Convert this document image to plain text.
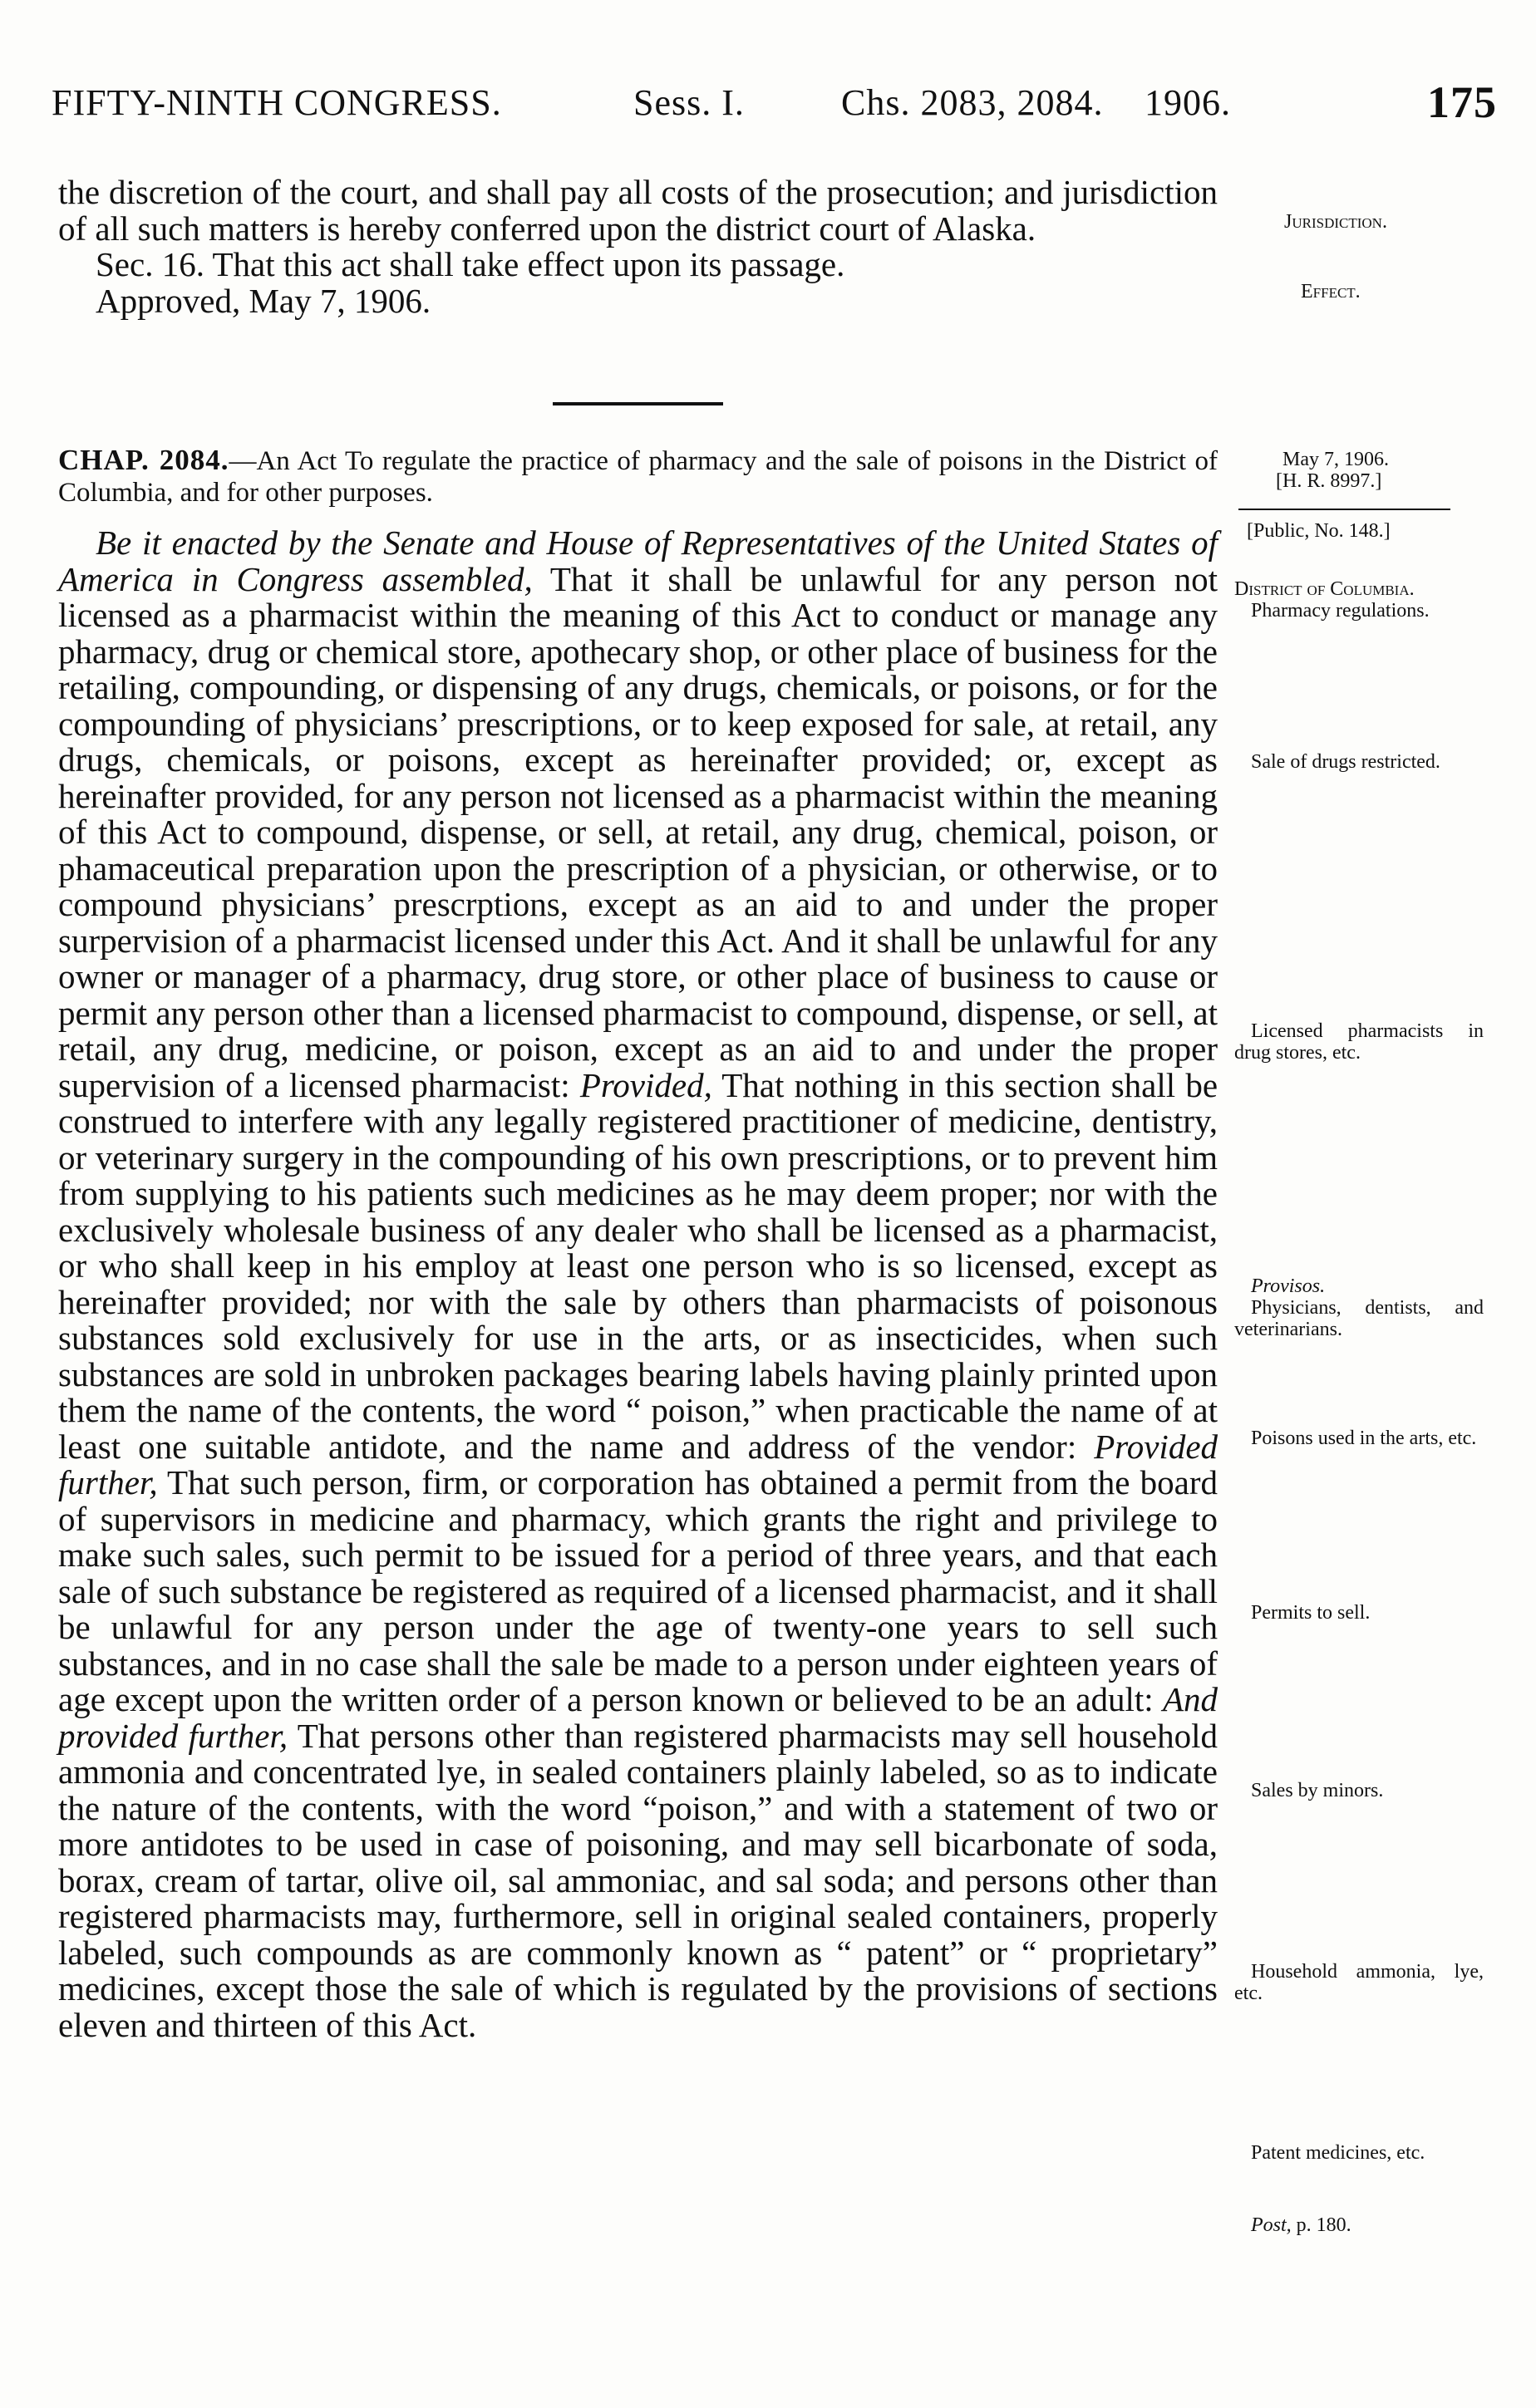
FIFTY-NINTH CONGRESS.	Sess. I.	Chs. 2083, 2084. 1906.	175

the discretion of the court, and shall pay all costs of the prosecution; and jurisdiction of all such matters is hereby conferred upon the district court of Alaska.

Sec. 16. That this act shall take effect upon its passage.

Approved, May 7, 1906.

CHAP. 2084.—An Act To regulate the practice of pharmacy and the sale of poisons in the District of Columbia, and for other purposes.

Be it enacted by the Senate and House of Representatives of the United States of America in Congress assembled, That it shall be unlawful for any person not licensed as a pharmacist within the meaning of this Act to conduct or manage any pharmacy, drug or chemical store, apothecary shop, or other place of business for the retailing, compounding, or dispensing of any drugs, chemicals, or poisons, or for the compounding of physicians’ prescriptions, or to keep exposed for sale, at retail, any drugs, chemicals, or poisons, except as hereinafter provided; or, except as hereinafter provided, for any person not licensed as a pharmacist within the meaning of this Act to compound, dispense, or sell, at retail, any drug, chemical, poison, or phamaceutical preparation upon the prescription of a physician, or otherwise, or to compound physicians’ prescrptions, except as an aid to and under the proper surpervision of a pharmacist licensed under this Act. And it shall be unlawful for any owner or manager of a pharmacy, drug store, or other place of business to cause or permit any person other than a licensed pharmacist to compound, dispense, or sell, at retail, any drug, medicine, or poison, except as an aid to and under the proper supervision of a licensed pharmacist: Provided, That nothing in this section shall be construed to interfere with any legally registered practitioner of medicine, dentistry, or veterinary surgery in the compounding of his own prescriptions, or to prevent him from supplying to his patients such medicines as he may deem proper; nor with the exclusively wholesale business of any dealer who shall be licensed as a pharmacist, or who shall keep in his employ at least one person who is so licensed, except as hereinafter provided; nor with the sale by others than pharmacists of poisonous substances sold exclusively for use in the arts, or as insecticides, when such substances are sold in unbroken packages bearing labels having plainly printed upon them the name of the contents, the word “ poison,” when practicable the name of at least one suitable antidote, and the name and address of the vendor: Provided further, That such person, firm, or corporation has obtained a permit from the board of supervisors in medicine and pharmacy, which grants the right and privilege to make such sales, such permit to be issued for a period of three years, and that each sale of such substance be registered as required of a licensed pharmacist, and it shall be unlawful for any person under the age of twenty-one years to sell such substances, and in no case shall the sale be made to a person under eighteen years of age except upon the written order of a person known or believed to be an adult: And provided further, That persons other than registered pharmacists may sell household ammonia and concentrated lye, in sealed containers plainly labeled, so as to indicate the nature of the contents, with the word “poison,” and with a statement of two or more antidotes to be used in case of poisoning, and may sell bicarbonate of soda, borax, cream of tartar, olive oil, sal ammoniac, and sal soda; and persons other than registered pharmacists may, furthermore, sell in original sealed containers, properly labeled, such compounds as are commonly known as “ patent” or “ proprietary” medicines, except those the sale of which is regulated by the provisions of sections eleven and thirteen of this Act.

Jurisdiction.
Effect.
May 7, 1906.
[H. R. 8997.]
[Public, No. 148.]
District of Columbia.
Pharmacy regulations.
Sale of drugs restricted.
Licensed pharmacists in drug stores, etc.
Provisos.
Physicians, dentists, and veterinarians.
Poisons used in the arts, etc.
Permits to sell.
Sales by minors.
Household ammonia, lye, etc.
Patent medicines, etc.
Post, p. 180.
